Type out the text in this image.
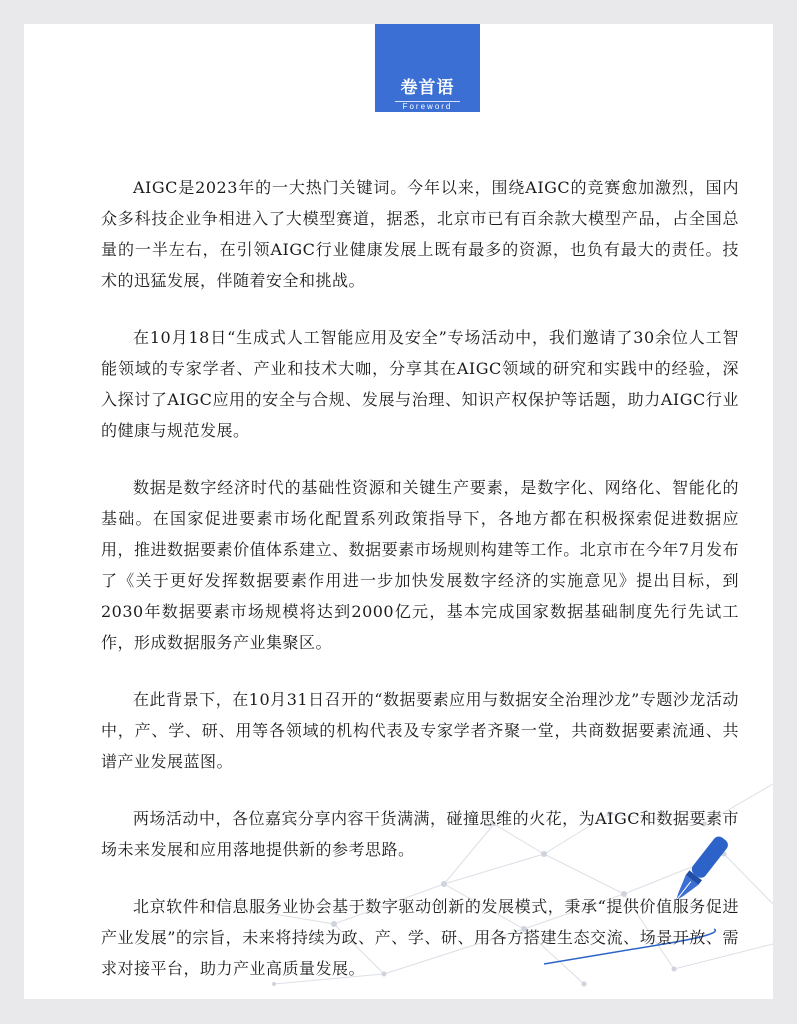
卷首语
Foreword

AIGC是2023年的一大热门关键词。今年以来，围绕AIGC的竞赛愈加激烈，国内众多科技企业争相进入了大模型赛道，据悉，北京市已有百余款大模型产品，占全国总量的一半左右，在引领AIGC行业健康发展上既有最多的资源，也负有最大的责任。技术的迅猛发展，伴随着安全和挑战。

在10月18日“生成式人工智能应用及安全”专场活动中，我们邀请了30余位人工智能领域的专家学者、产业和技术大咖，分享其在AIGC领域的研究和实践中的经验，深入探讨了AIGC应用的安全与合规、发展与治理、知识产权保护等话题，助力AIGC行业的健康与规范发展。

数据是数字经济时代的基础性资源和关键生产要素，是数字化、网络化、智能化的基础。在国家促进要素市场化配置系列政策指导下，各地方都在积极探索促进数据应用，推进数据要素价值体系建立、数据要素市场规则构建等工作。北京市在今年7月发布了《关于更好发挥数据要素作用进一步加快发展数字经济的实施意见》提出目标，到2030年数据要素市场规模将达到2000亿元，基本完成国家数据基础制度先行先试工作，形成数据服务产业集聚区。

在此背景下，在10月31日召开的“数据要素应用与数据安全治理沙龙”专题沙龙活动中，产、学、研、用等各领域的机构代表及专家学者齐聚一堂，共商数据要素流通、共谱产业发展蓝图。

两场活动中，各位嘉宾分享内容干货满满，碰撞思维的火花，为AIGC和数据要素市场未来发展和应用落地提供新的参考思路。

北京软件和信息服务业协会基于数字驱动创新的发展模式，秉承“提供价值服务促进产业发展”的宗旨，未来将持续为政、产、学、研、用各方搭建生态交流、场景开放、需求对接平台，助力产业高质量发展。
